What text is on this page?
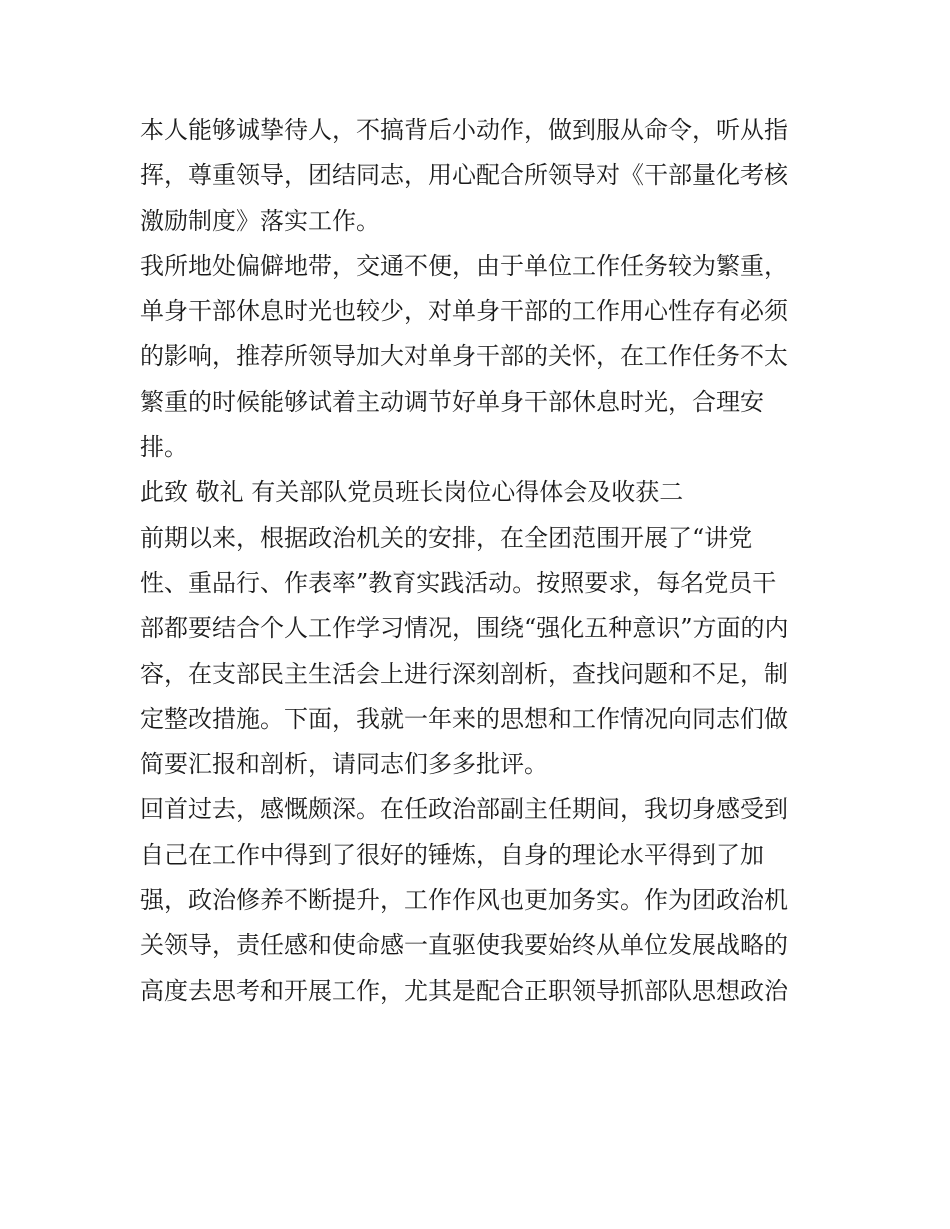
本人能够诚挚待人，不搞背后小动作，做到服从命令，听从指
挥，尊重领导，团结同志，用心配合所领导对《干部量化考核
激励制度》落实工作。
我所地处偏僻地带，交通不便，由于单位工作任务较为繁重，
单身干部休息时光也较少，对单身干部的工作用心性存有必须
的影响，推荐所领导加大对单身干部的关怀，在工作任务不太
繁重的时候能够试着主动调节好单身干部休息时光，合理安
排。
此致 敬礼 有关部队党员班长岗位心得体会及收获二
前期以来，根据政治机关的安排，在全团范围开展了“讲党
性、重品行、作表率”教育实践活动。按照要求，每名党员干
部都要结合个人工作学习情况，围绕“强化五种意识”方面的内
容，在支部民主生活会上进行深刻剖析，查找问题和不足，制
定整改措施。下面，我就一年来的思想和工作情况向同志们做
简要汇报和剖析，请同志们多多批评。
回首过去，感慨颇深。在任政治部副主任期间，我切身感受到
自己在工作中得到了很好的锤炼，自身的理论水平得到了加
强，政治修养不断提升，工作作风也更加务实。作为团政治机
关领导，责任感和使命感一直驱使我要始终从单位发展战略的
高度去思考和开展工作，尤其是配合正职领导抓部队思想政治
